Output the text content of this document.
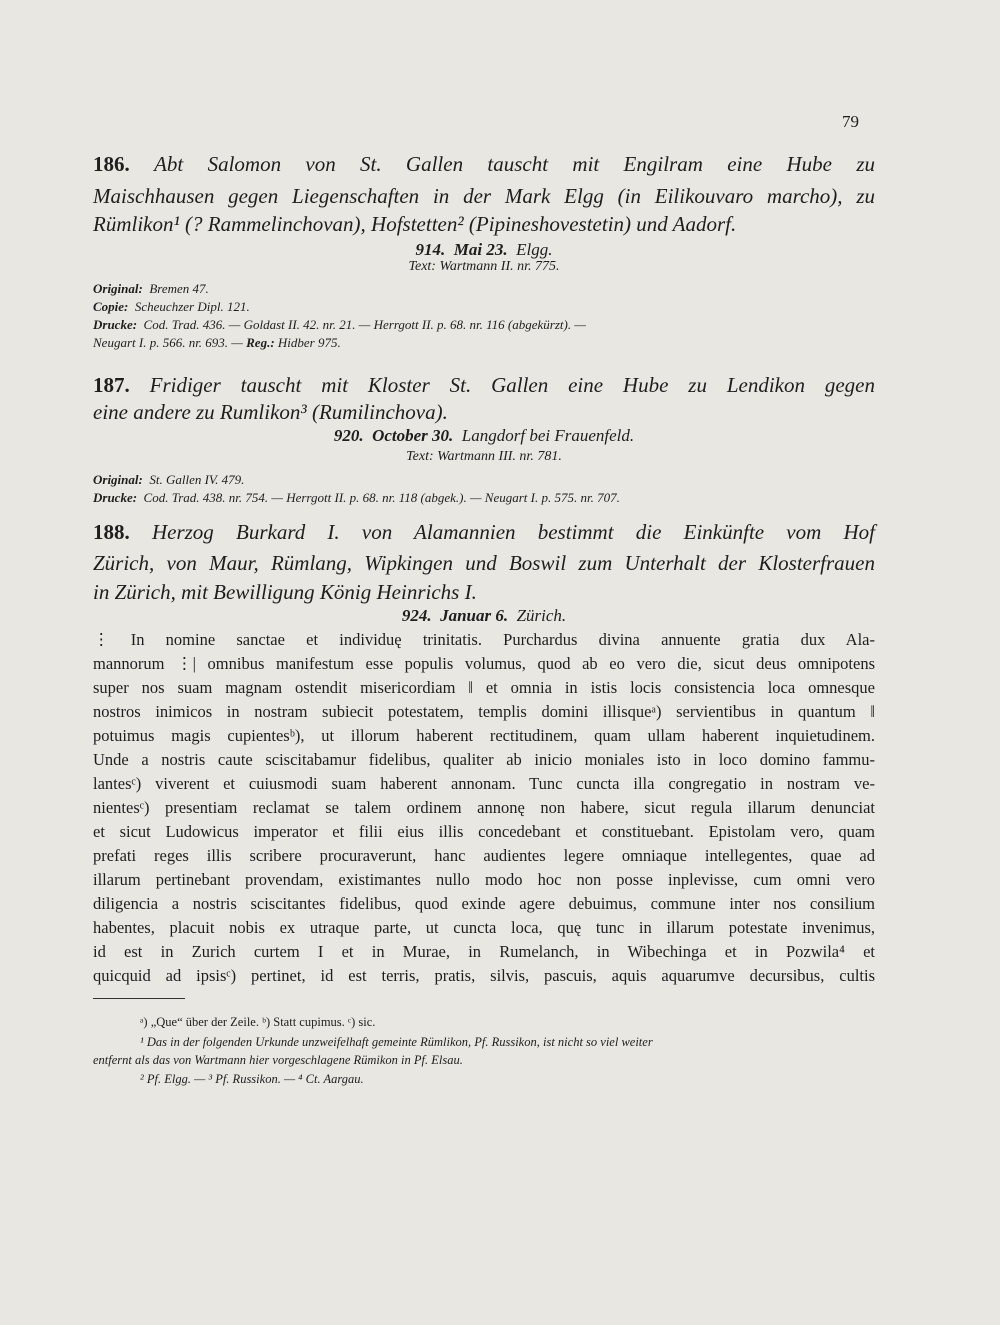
79
186. Abt Salomon von St. Gallen tauscht mit Engilram eine Hube zu
Maischhausen gegen Liegenschaften in der Mark Elgg (in Eilikouvaro marcho), zu
Rümlikon¹ (? Rammelinchovan), Hofstetten² (Pipineshovestetin) und Aadorf.
914. Mai 23. Elgg.
Text: Wartmann II. nr. 775.
Original: Bremen 47.
Copie: Scheuchzer Dipl. 121.
Drucke: Cod. Trad. 436. — Goldast II. 42. nr. 21. — Herrgott II. p. 68. nr. 116 (abgekürzt). —
Neugart I. p. 566. nr. 693. — Reg.: Hidber 975.
187. Fridiger tauscht mit Kloster St. Gallen eine Hube zu Lendikon gegen
eine andere zu Rumlikon³ (Rumilinchova).
920. October 30. Langdorf bei Frauenfeld.
Text: Wartmann III. nr. 781.
Original: St. Gallen IV. 479.
Drucke: Cod. Trad. 438. nr. 754. — Herrgott II. p. 68. nr. 118 (abgek.). — Neugart I. p. 575. nr. 707.
188. Herzog Burkard I. von Alamannien bestimmt die Einkünfte vom Hof
Zürich, von Maur, Rümlang, Wipkingen und Boswil zum Unterhalt der Klosterfrauen
in Zürich, mit Bewilligung König Heinrichs I.
924. Januar 6. Zürich.
⋮ In nomine sanctae et individuę trinitatis. Purchardus divina annuente gratia dux Ala-
mannorum ⋮| omnibus manifestum esse populis volumus, quod ab eo vero die, sicut deus omnipotens
super nos suam magnam ostendit misericordiam ‖ et omnia in istis locis consistencia loca omnesque
nostros inimicos in nostram subiecit potestatem, templis domini illisqueᵃ) servientibus in quantum ‖
potuimus magis cupientesᵇ), ut illorum haberent rectitudinem, quam ullam haberent inquietudinem.
Unde a nostris caute sciscitabamur fidelibus, qualiter ab inicio moniales isto in loco domino fammu-
lantesᶜ) viverent et cuiusmodi suam haberent annonam. Tunc cuncta illa congregatio in nostram ve-
nientesᶜ) presentiam reclamat se talem ordinem annonę non habere, sicut regula illarum denunciat
et sicut Ludowicus imperator et filii eius illis concedebant et constituebant. Epistolam vero, quam
prefati reges illis scribere procuraverunt, hanc audientes legere omniaque intellegentes, quae ad
illarum pertinebant provendam, existimantes nullo modo hoc non posse inplevisse, cum omni vero
diligencia a nostris sciscitantes fidelibus, quod exinde agere debuimus, commune inter nos consilium
habentes, placuit nobis ex utraque parte, ut cuncta loca, quę tunc in illarum potestate invenimus,
id est in Zurich curtem I et in Murae, in Rumelanch, in Wibechinga et in Pozwila⁴ et
quicquid ad ipsisᶜ) pertinet, id est terris, pratis, silvis, pascuis, aquis aquarumve decursibus, cultis
ᵃ) „Que“ über der Zeile. ᵇ) Statt cupimus. ᶜ) sic.
¹ Das in der folgenden Urkunde unzweifelhaft gemeinte Rümlikon, Pf. Russikon, ist nicht so viel weiter
entfernt als das von Wartmann hier vorgeschlagene Rümikon in Pf. Elsau.
² Pf. Elgg. — ³ Pf. Russikon. — ⁴ Ct. Aargau.
